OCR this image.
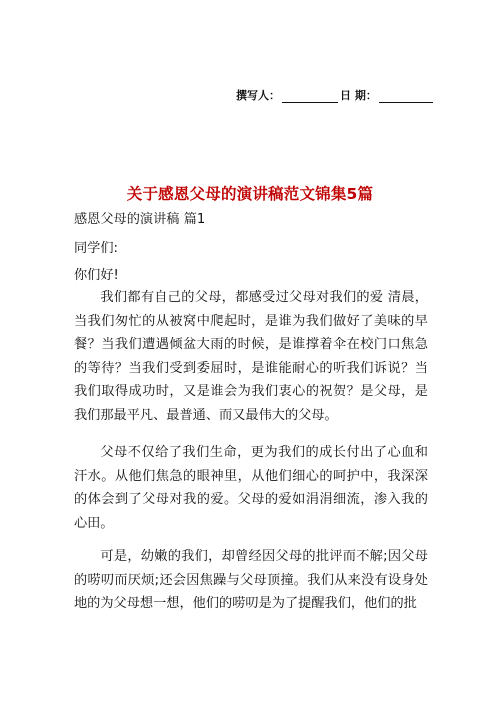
撰写人：	日 期：
关于感恩父母的演讲稿范文锦集5篇
感恩父母的演讲稿 篇1
同学们:
你们好!

我们都有自己的父母，都感受过父母对我们的爱 清晨，当我们匆忙的从被窝中爬起时，是谁为我们做好了美味的早餐？当我们遭遇倾盆大雨的时候，是谁撑着伞在校门口焦急的等待？当我们受到委屈时，是谁能耐心的听我们诉说？当我们取得成功时，又是谁会为我们衷心的祝贺？是父母，是我们那最平凡、最普通、而又最伟大的父母。

父母不仅给了我们生命，更为我们的成长付出了心血和汗水。从他们焦急的眼神里，从他们细心的呵护中，我深深的体会到了父母对我的爱。父母的爱如涓涓细流，渗入我的心田。

可是，幼嫩的我们，却曾经因父母的批评而不解;因父母的唠叨而厌烦;还会因焦躁与父母顶撞。我们从来没有设身处地的为父母想一想，他们的唠叨是为了提醒我们，他们的批
